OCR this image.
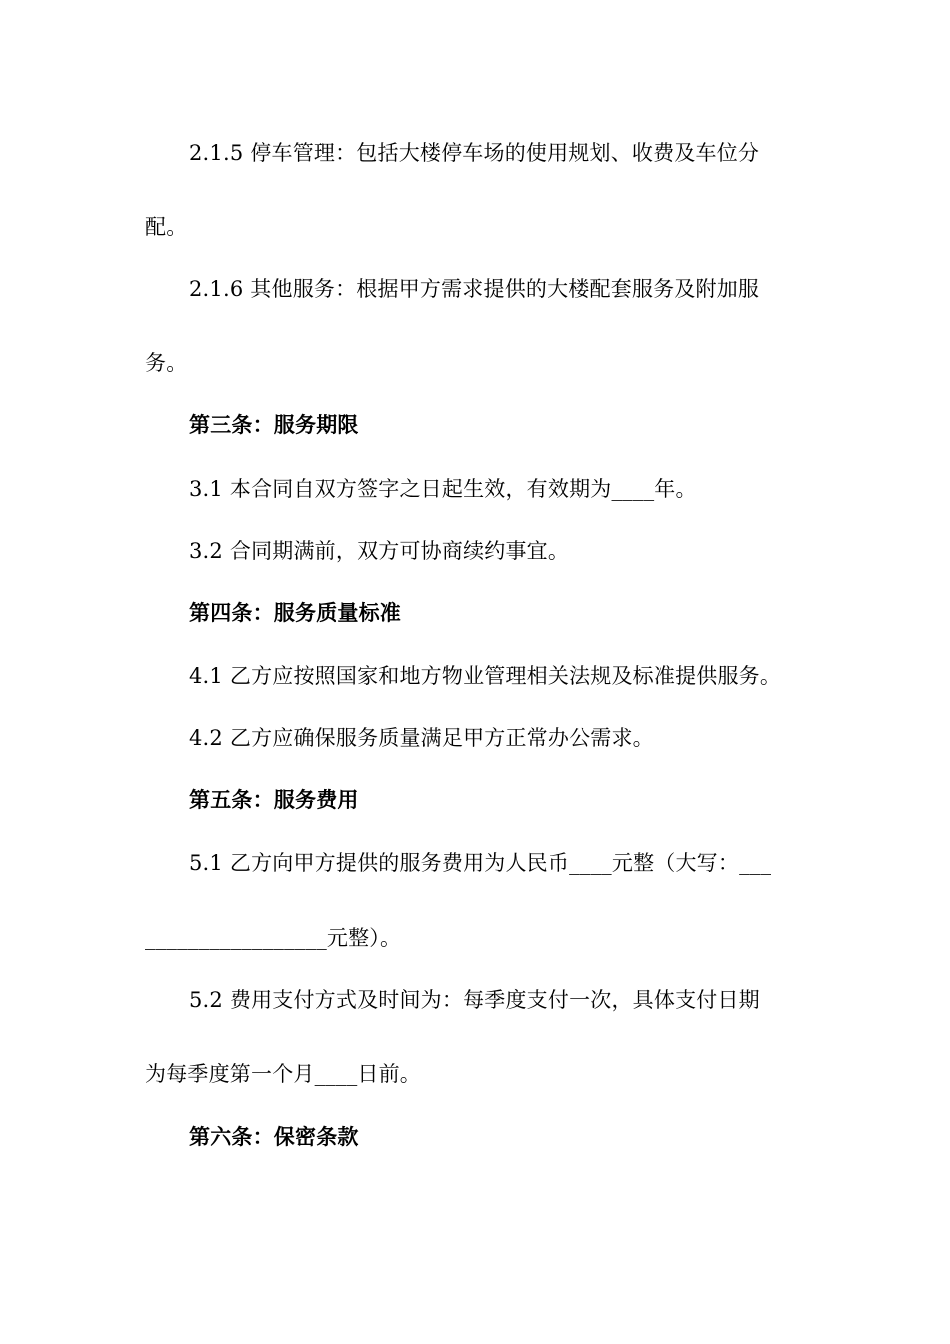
2.1.5 停车管理：包括大楼停车场的使用规划、收费及车位分
配。
2.1.6 其他服务：根据甲方需求提供的大楼配套服务及附加服
务。
第三条：服务期限
3.1 本合同自双方签字之日起生效，有效期为____年。
3.2 合同期满前，双方可协商续约事宜。
第四条：服务质量标准
4.1 乙方应按照国家和地方物业管理相关法规及标准提供服务。
4.2 乙方应确保服务质量满足甲方正常办公需求。
第五条：服务费用
5.1 乙方向甲方提供的服务费用为人民币____元整（大写：___
_________________元整）。
5.2 费用支付方式及时间为：每季度支付一次，具体支付日期
为每季度第一个月____日前。
第六条：保密条款
